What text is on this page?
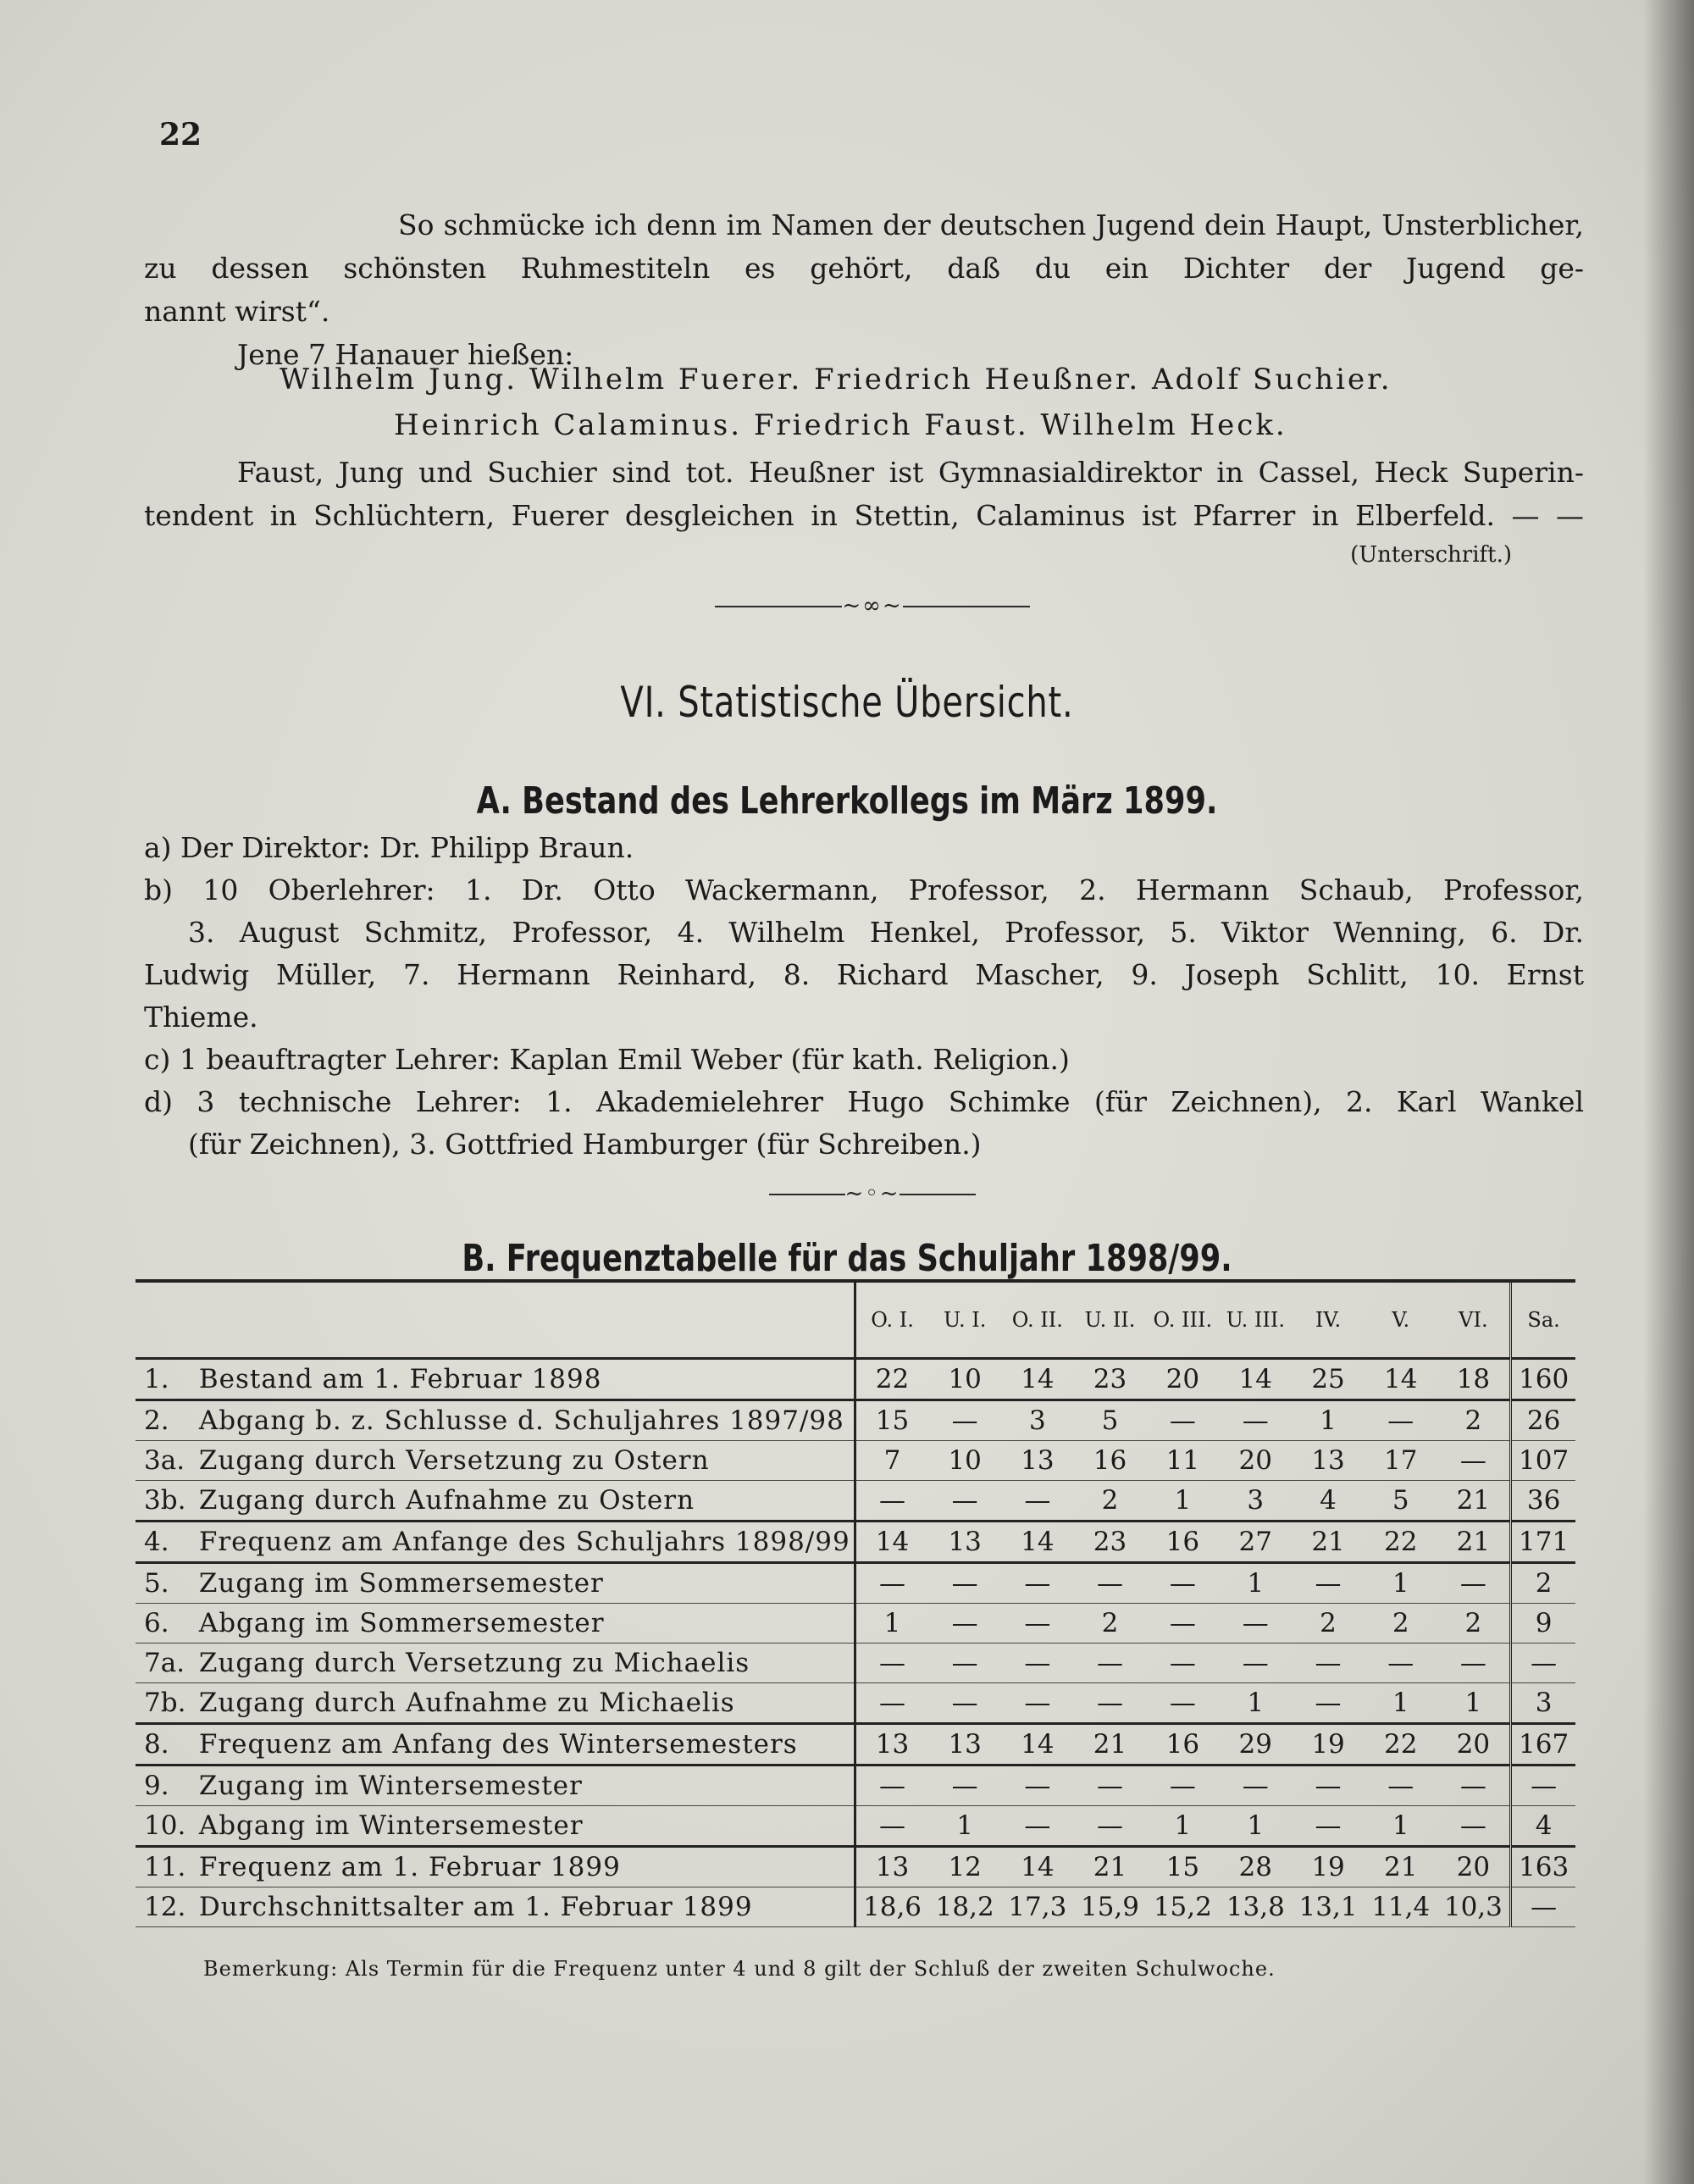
22

So schmücke ich denn im Namen der deutschen Jugend dein Haupt, Unsterblicher,

zu dessen schönsten Ruhmestiteln es gehört, daß du ein Dichter der Jugend ge-

nannt wirst“.

Jene 7 Hanauer hießen:

Wilhelm Jung. Wilhelm Fuerer. Friedrich Heußner. Adolf Suchier.
Heinrich Calaminus. Friedrich Faust. Wilhelm Heck.

Faust, Jung und Suchier sind tot. Heußner ist Gymnasialdirektor in Cassel, Heck Superin-

tendent in Schlüchtern, Fuerer desgleichen in Stettin, Calaminus ist Pfarrer in Elberfeld. — —

(Unterschrift.)
~∞~
VI. Statistische Übersicht.
A. Bestand des Lehrerkollegs im März 1899.

a) Der Direktor: Dr. Philipp Braun.

b) 10 Oberlehrer: 1. Dr. Otto Wackermann, Professor, 2. Hermann Schaub, Professor,

3. August Schmitz, Professor, 4. Wilhelm Henkel, Professor, 5. Viktor Wenning, 6. Dr.

Ludwig Müller, 7. Hermann Reinhard, 8. Richard Mascher, 9. Joseph Schlitt, 10. Ernst

Thieme.

c) 1 beauftragter Lehrer: Kaplan Emil Weber (für kath. Religion.)

d) 3 technische Lehrer: 1. Akademielehrer Hugo Schimke (für Zeichnen), 2. Karl Wankel

(für Zeichnen), 3. Gottfried Hamburger (für Schreiben.)

~◦~
B. Frequenztabelle für das Schuljahr 1898/99.
		O. I.	U. I.	O. II.	U. II.	O. III.	U. III.	IV.	V.	VI.	Sa.
1.	Bestand am 1. Februar 1898	22	10	14	23	20	14	25	14	18	160
2.	Abgang b. z. Schlusse d. Schuljahres 1897/98	15	—	3	5	—	—	1	—	2	26
3a.	Zugang durch Versetzung zu Ostern	7	10	13	16	11	20	13	17	—	107
3b.	Zugang durch Aufnahme zu Ostern	—	—	—	2	1	3	4	5	21	36
4.	Frequenz am Anfange des Schuljahrs 1898/99	14	13	14	23	16	27	21	22	21	171
5.	Zugang im Sommersemester	—	—	—	—	—	1	—	1	—	2
6.	Abgang im Sommersemester	1	—	—	2	—	—	2	2	2	9
7a.	Zugang durch Versetzung zu Michaelis	—	—	—	—	—	—	—	—	—	—
7b.	Zugang durch Aufnahme zu Michaelis	—	—	—	—	—	1	—	1	1	3
8.	Frequenz am Anfang des Wintersemesters	13	13	14	21	16	29	19	22	20	167
9.	Zugang im Wintersemester	—	—	—	—	—	—	—	—	—	—
10.	Abgang im Wintersemester	—	1	—	—	1	1	—	1	—	4
11.	Frequenz am 1. Februar 1899	13	12	14	21	15	28	19	21	20	163
12.	Durchschnittsalter am 1. Februar 1899	18,6	18,2	17,3	15,9	15,2	13,8	13,1	11,4	10,3	—
Bemerkung: Als Termin für die Frequenz unter 4 und 8 gilt der Schluß der zweiten Schulwoche.
